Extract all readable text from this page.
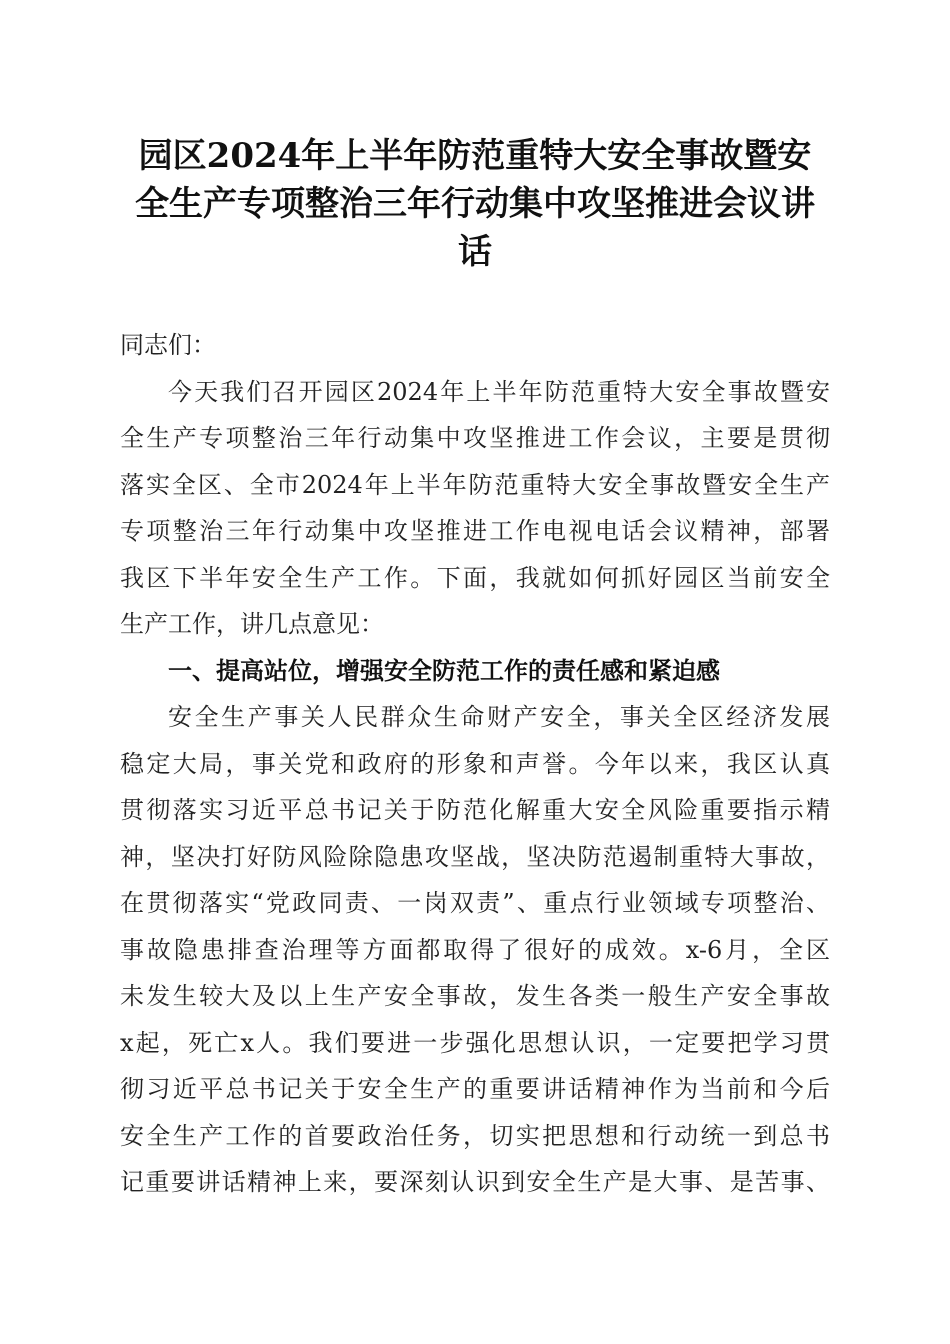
园区2024年上半年防范重特大安全事故暨安
全生产专项整治三年行动集中攻坚推进会议讲
话
同志们：
今天我们召开园区2024年上半年防范重特大安全事故暨安
全生产专项整治三年行动集中攻坚推进工作会议，主要是贯彻
落实全区、全市2024年上半年防范重特大安全事故暨安全生产
专项整治三年行动集中攻坚推进工作电视电话会议精神，部署
我区下半年安全生产工作。下面，我就如何抓好园区当前安全
生产工作，讲几点意见：
一、提高站位，增强安全防范工作的责任感和紧迫感
安全生产事关人民群众生命财产安全，事关全区经济发展
稳定大局，事关党和政府的形象和声誉。今年以来，我区认真
贯彻落实习近平总书记关于防范化解重大安全风险重要指示精
神，坚决打好防风险除隐患攻坚战，坚决防范遏制重特大事故，
在贯彻落实“党政同责、一岗双责”、重点行业领域专项整治、
事故隐患排查治理等方面都取得了很好的成效。x-6月，全区
未发生较大及以上生产安全事故，发生各类一般生产安全事故
x起，死亡x人。我们要进一步强化思想认识，一定要把学习贯
彻习近平总书记关于安全生产的重要讲话精神作为当前和今后
安全生产工作的首要政治任务，切实把思想和行动统一到总书
记重要讲话精神上来，要深刻认识到安全生产是大事、是苦事、
